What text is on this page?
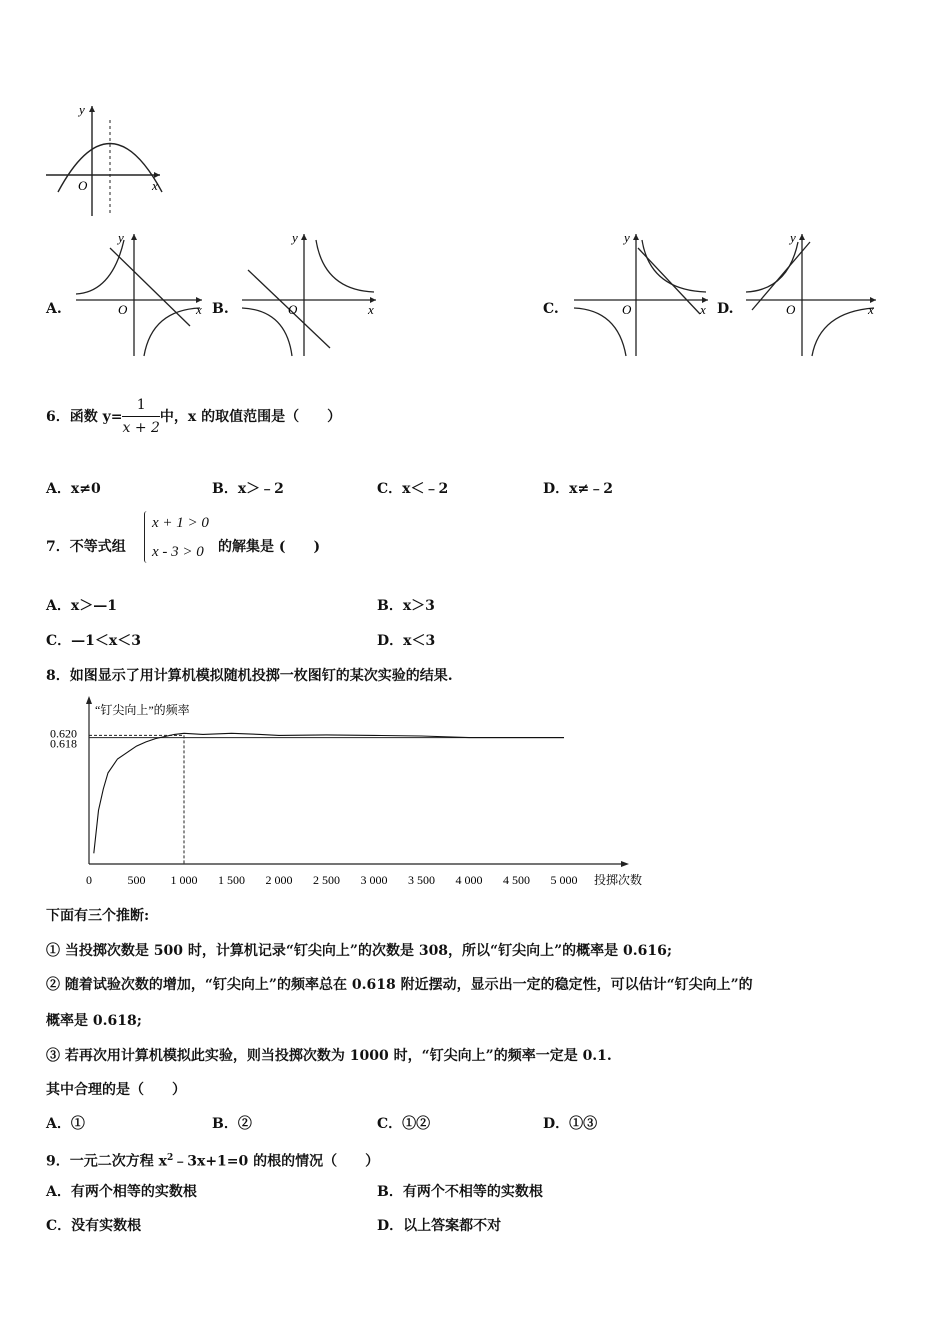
y
x
O
A.
y
x
O	B.
y
x
O	C.
y
x
O	D.
y
x
O
6．函数 $y= \frac{1}{x + 2}$ 中，x 的取值范围是（　　）
A．x≠0	B．x＞﹣2	C．x＜﹣2	D．x≠﹣2
7．不等式组
x + 1 > 0
x - 3 > 0 的解集是 (　　)
A．x＞—1	B．x＞3
C．—1＜x＜3	D．x＜3
8．如图显示了用计算机模拟随机投掷一枚图钉的某次实验的结果.
“钉尖向上”的频率
0.620
0.618
投掷次数
0	500 1 000 1 500 2 000 2 500 3 000 3 500 4 000 4 500 5 000
下面有三个推断:
① 当投掷次数是 500 时，计算机记录“钉尖向上”的次数是 308，所以“钉尖向上”的概率是 0.616;
② 随着试验次数的增加，“钉尖向上”的频率总在 0.618 附近摆动，显示出一定的稳定性，可以估计“钉尖向上”的
概率是 0.618;
③ 若再次用计算机模拟此实验，则当投掷次数为 1000 时，“钉尖向上”的频率一定是 0.1.
其中合理的是（　　）
A．①	B．②	C．①②	D．①③
9．一元二次方程 $x^2﹣3x+1=0$ 的根的情况（　　）
A．有两个相等的实数根	B．有两个不相等的实数根
C．没有实数根	D．以上答案都不对
